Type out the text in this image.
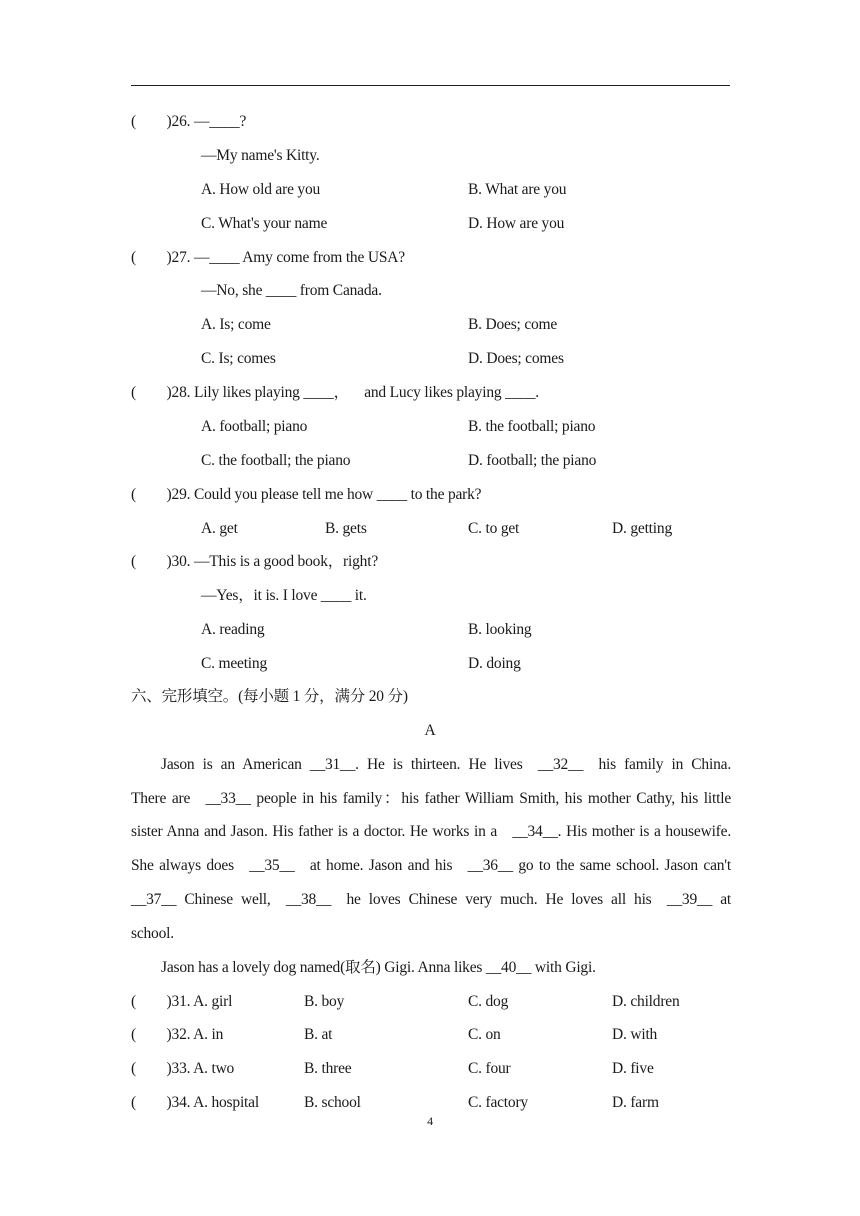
(  )26. —____?
—My name's Kitty.
A. How old are you	B. What are you
C. What's your name	D. How are you
(  )27. —____ Amy come from the USA?
—No, she ____ from Canada.
A. Is; come	B. Does; come
C. Is; comes	D. Does; comes
(  )28. Lily likes playing ____， and Lucy likes playing ____.
A. football; piano	B. the football; piano
C. the football; the piano	D. football; the piano
(  )29. Could you please tell me how ____ to the park?
A. get	B. gets	C. to get	D. getting
(  )30. —This is a good book，right?
—Yes，it is. I love ____ it.
A. reading	B. looking
C. meeting	D. doing
六、完形填空。(每小题 1 分，满分 20 分)
A
Jason is an American __31__. He is thirteen. He lives __32__ his family in China.
There are __33__ people in his family：his father William Smith, his mother Cathy, his little
sister Anna and Jason. His father is a doctor. He works in a __34__. His mother is a housewife.
She always does __35__ at home. Jason and his __36__ go to the same school. Jason can't
__37__ Chinese well, __38__ he loves Chinese very much. He loves all his __39__ at
school.
Jason has a lovely dog named(取名) Gigi. Anna likes __40__ with Gigi.
(  )31. A. girl	B. boy	C. dog	D. children
(  )32. A. in	B. at	C. on	D. with
(  )33. A. two	B. three	C. four	D. five
(  )34. A. hospital	B. school	C. factory	D. farm
4
